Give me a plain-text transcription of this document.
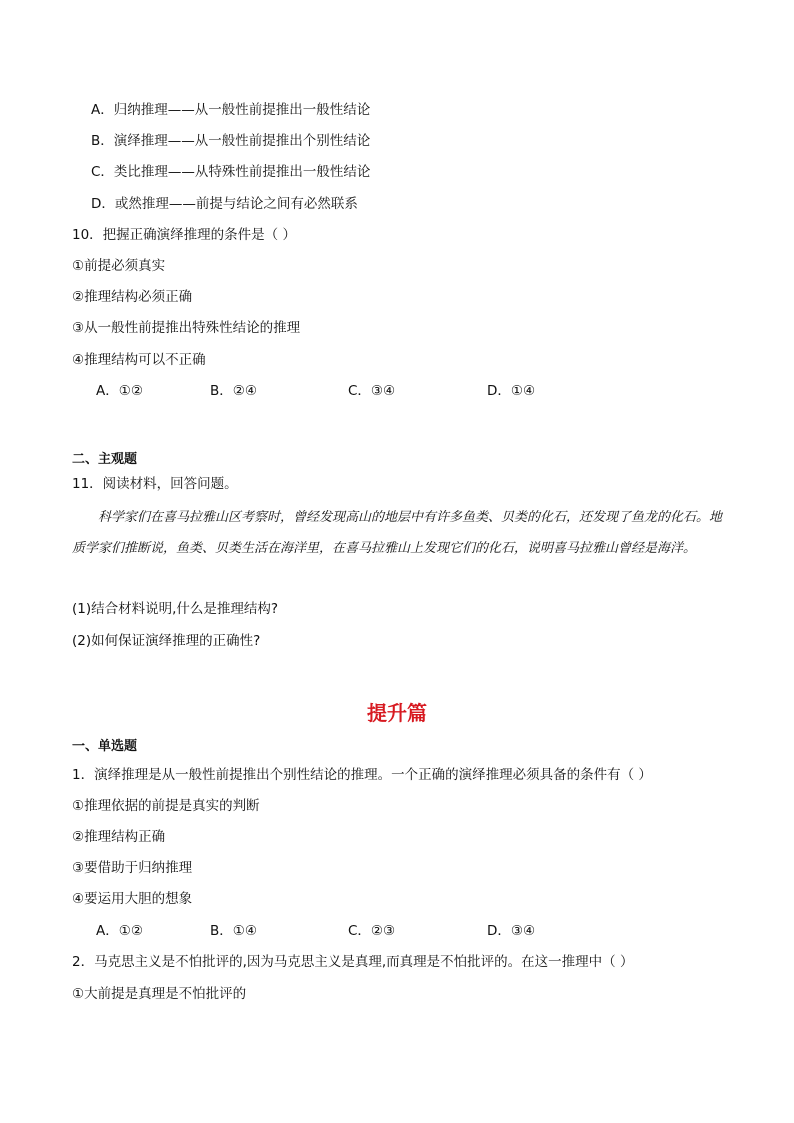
A．归纳推理——从一般性前提推出一般性结论
B．演绎推理——从一般性前提推出个别性结论
C．类比推理——从特殊性前提推出一般性结论
D．或然推理——前提与结论之间有必然联系
10．把握正确演绎推理的条件是（ ）
①前提必须真实
②推理结构必须正确
③从一般性前提推出特殊性结论的推理
④推理结构可以不正确
A．①②	B．②④	C．③④	D．①④
二、主观题
11．阅读材料，回答问题。
科学家们在喜马拉雅山区考察时，曾经发现高山的地层中有许多鱼类、贝类的化石，还发现了鱼龙的化石。地质学家们推断说，鱼类、贝类生活在海洋里，在喜马拉雅山上发现它们的化石，说明喜马拉雅山曾经是海洋。
(1)结合材料说明,什么是推理结构?
(2)如何保证演绎推理的正确性?
提升篇
一、单选题
1．演绎推理是从一般性前提推出个别性结论的推理。一个正确的演绎推理必须具备的条件有（ ）
①推理依据的前提是真实的判断
②推理结构正确
③要借助于归纳推理
④要运用大胆的想象
A．①②	B．①④	C．②③	D．③④
2．马克思主义是不怕批评的,因为马克思主义是真理,而真理是不怕批评的。在这一推理中（ ）
①大前提是真理是不怕批评的
